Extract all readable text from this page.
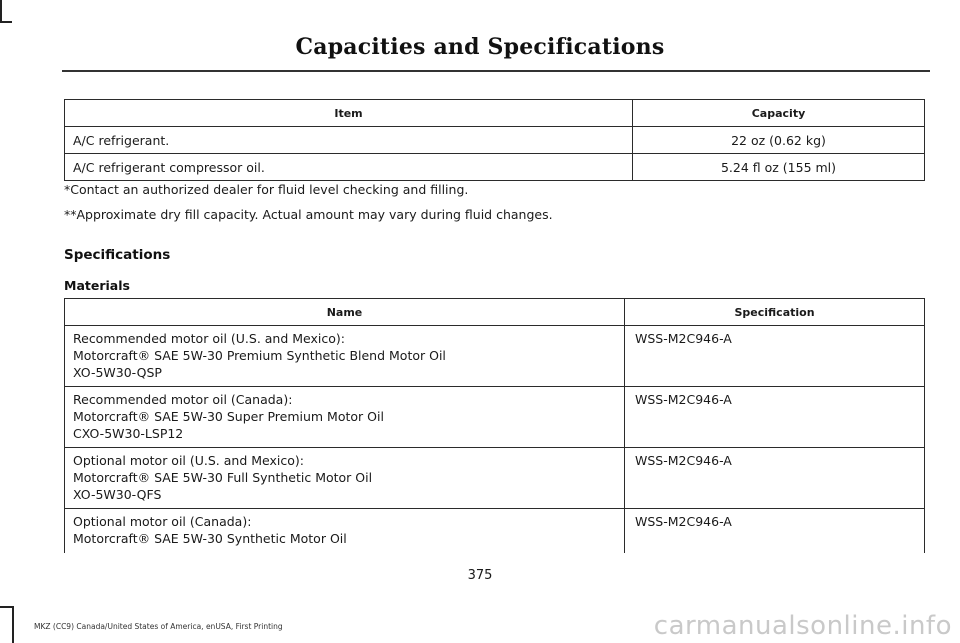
Capacities and Specifications
Item	Capacity
A/C refrigerant.	22 oz (0.62 kg)
A/C refrigerant compressor oil.	5.24 fl oz (155 ml)
*Contact an authorized dealer for fluid level checking and filling.
**Approximate dry fill capacity. Actual amount may vary during fluid changes.
Specifications
Materials
Name	Specification

Recommended motor oil (U.S. and Mexico):
Motorcraft® SAE 5W-30 Premium Synthetic Blend Motor Oil
XO-5W30-QSP	WSS-M2C946-A

Recommended motor oil (Canada):
Motorcraft® SAE 5W-30 Super Premium Motor Oil
CXO-5W30-LSP12	WSS-M2C946-A

Optional motor oil (U.S. and Mexico):
Motorcraft® SAE 5W-30 Full Synthetic Motor Oil
XO-5W30-QFS	WSS-M2C946-A

Optional motor oil (Canada):
Motorcraft® SAE 5W-30 Synthetic Motor Oil	WSS-M2C946-A
375
MKZ (CC9) Canada/United States of America, enUSA, First Printing	carmanualsonline.info
